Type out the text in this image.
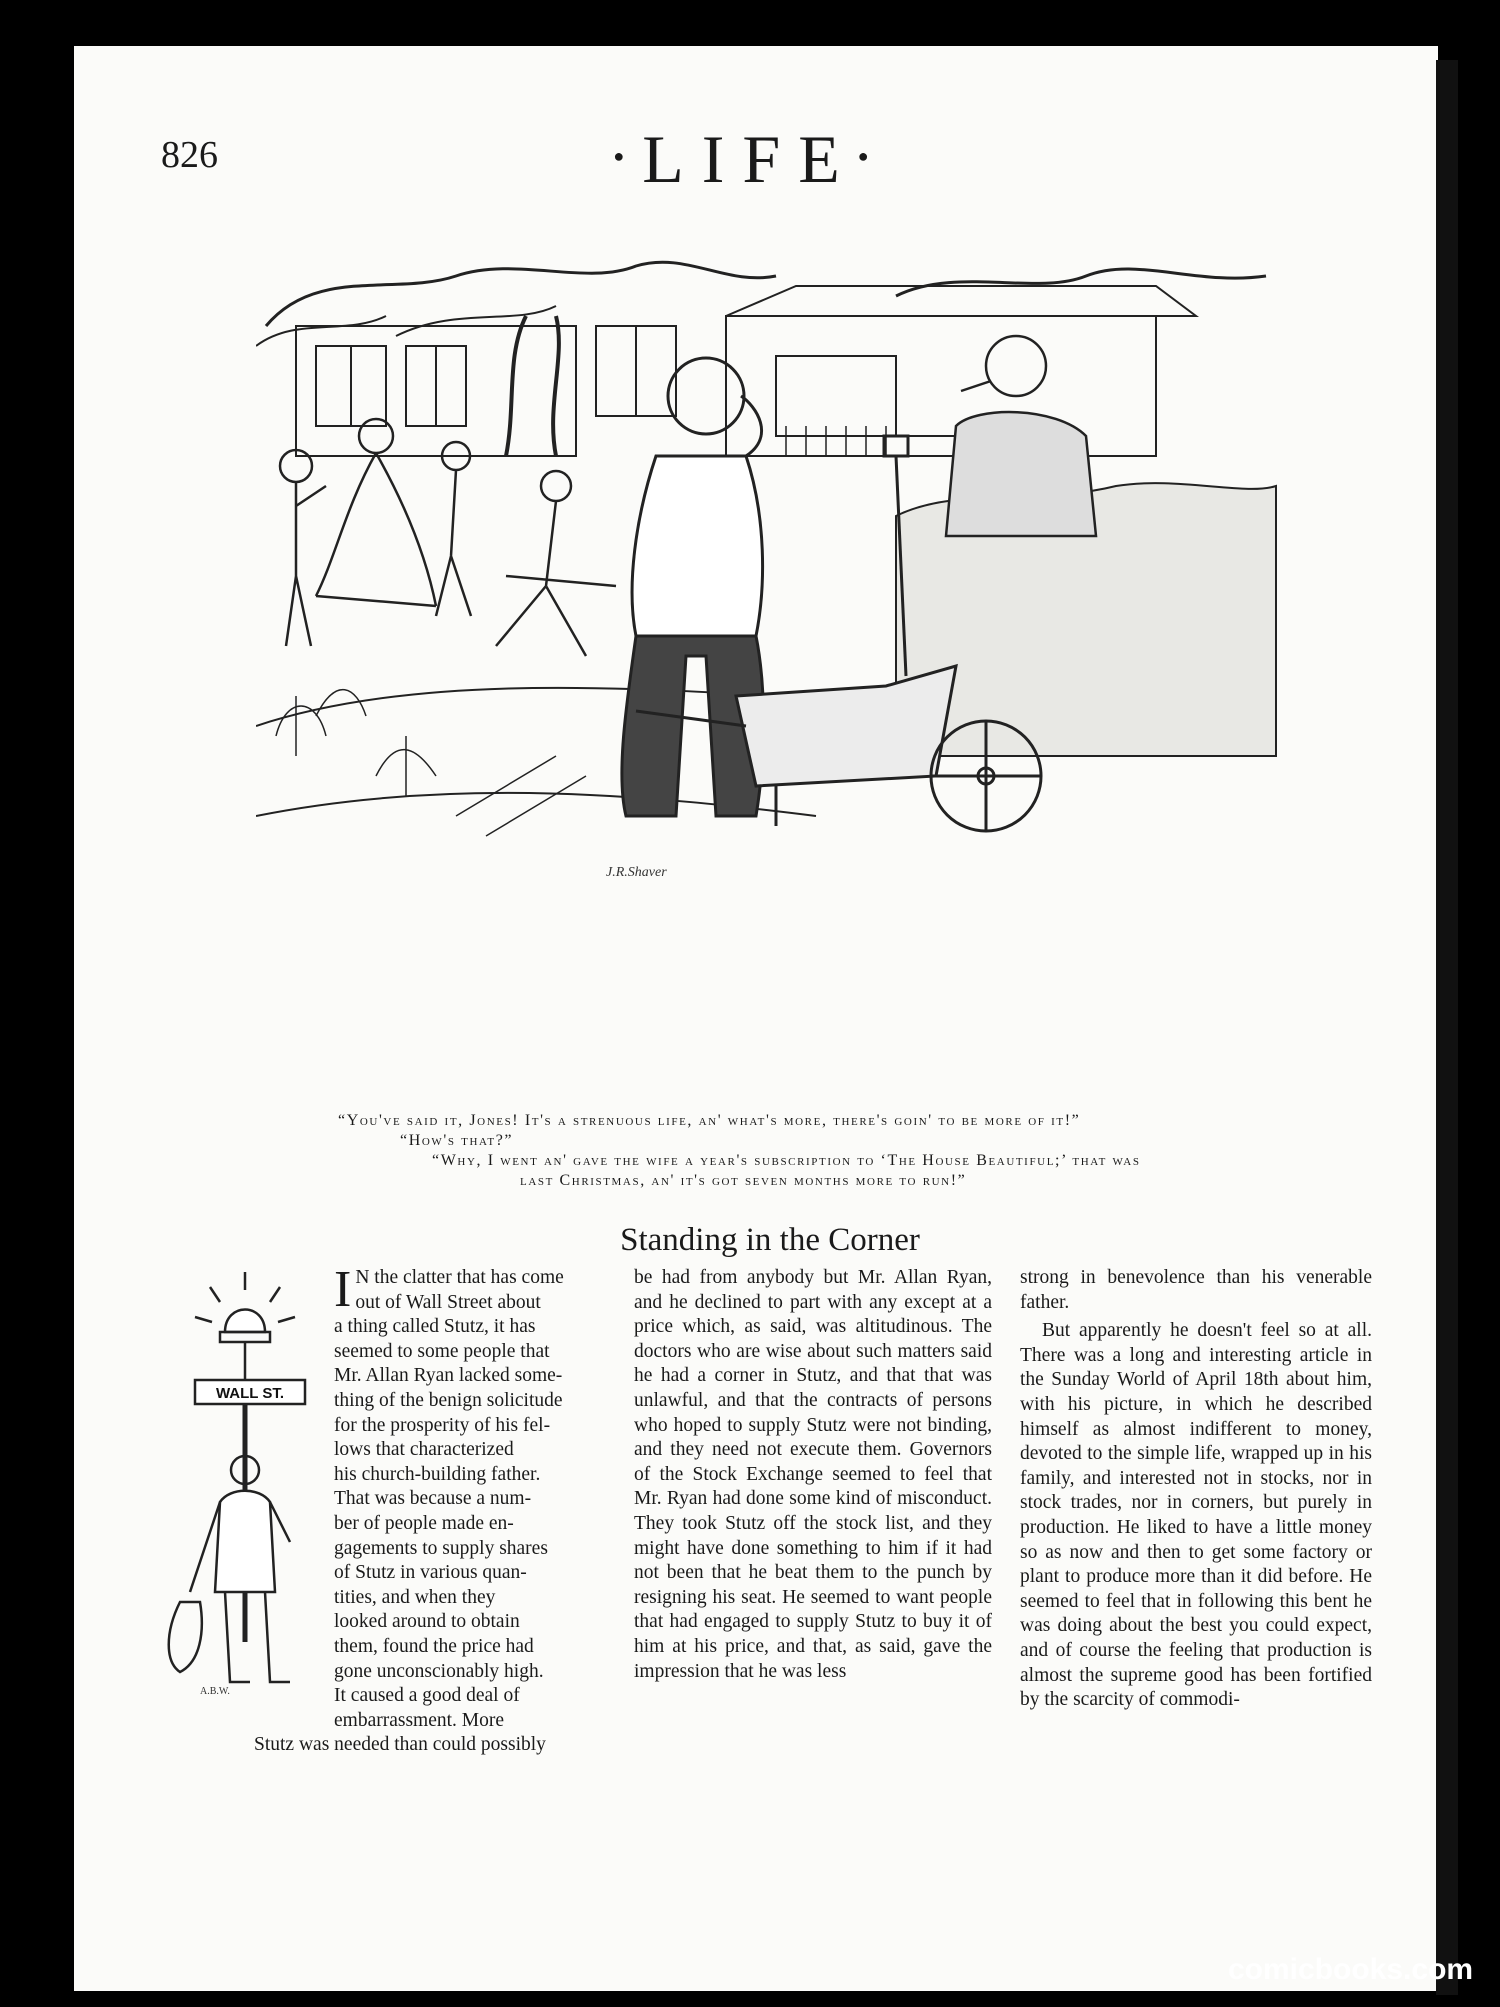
826	●LIFE●
J.R.Shaver
“You've said it, Jones! It's a strenuous life, an' what's more, there's goin' to be more of it!”
“How's that?”
“Why, I went an' gave the wife a year's subscription to ‘The House Beautiful;’ that was
last Christmas, an' it's got seven months more to run!”
Standing in the Corner
WALL ST.
A.B.W.
I N the clatter that has come

out of Wall Street about

a thing called Stutz, it has

seemed to some people that

Mr. Allan Ryan lacked some-

thing of the benign solicitude

for the prosperity of his fel-

lows that characterized

his church-building father.

That was because a num-

ber of people made en-

gagements to supply shares

of Stutz in various quan-

tities, and when they

looked around to obtain

them, found the price had

gone unconscionably high.

It caused a good deal of

embarrassment. More

Stutz was needed than could possibly

be had from anybody but Mr. Allan Ryan, and he declined to part with any except at a price which, as said, was altitudinous. The doctors who are wise about such matters said he had a corner in Stutz, and that that was unlawful, and that the contracts of persons who hoped to supply Stutz were not binding, and they need not execute them. Governors of the Stock Exchange seemed to feel that Mr. Ryan had done some kind of misconduct. They took Stutz off the stock list, and they might have done something to him if it had not been that he beat them to the punch by resigning his seat. He seemed to want people that had engaged to supply Stutz to buy it of him at his price, and that, as said, gave the impression that he was less

strong in benevolence than his venerable father.

But apparently he doesn't feel so at all. There was a long and interesting article in the Sunday World of April 18th about him, with his picture, in which he described himself as almost indifferent to money, devoted to the simple life, wrapped up in his family, and interested not in stocks, nor in stock trades, nor in corners, but purely in production. He liked to have a little money so as now and then to get some factory or plant to produce more than it did before. He seemed to feel that in following this bent he was doing about the best you could expect, and of course the feeling that production is almost the supreme good has been fortified by the scarcity of commodi-

comicbooks.com
